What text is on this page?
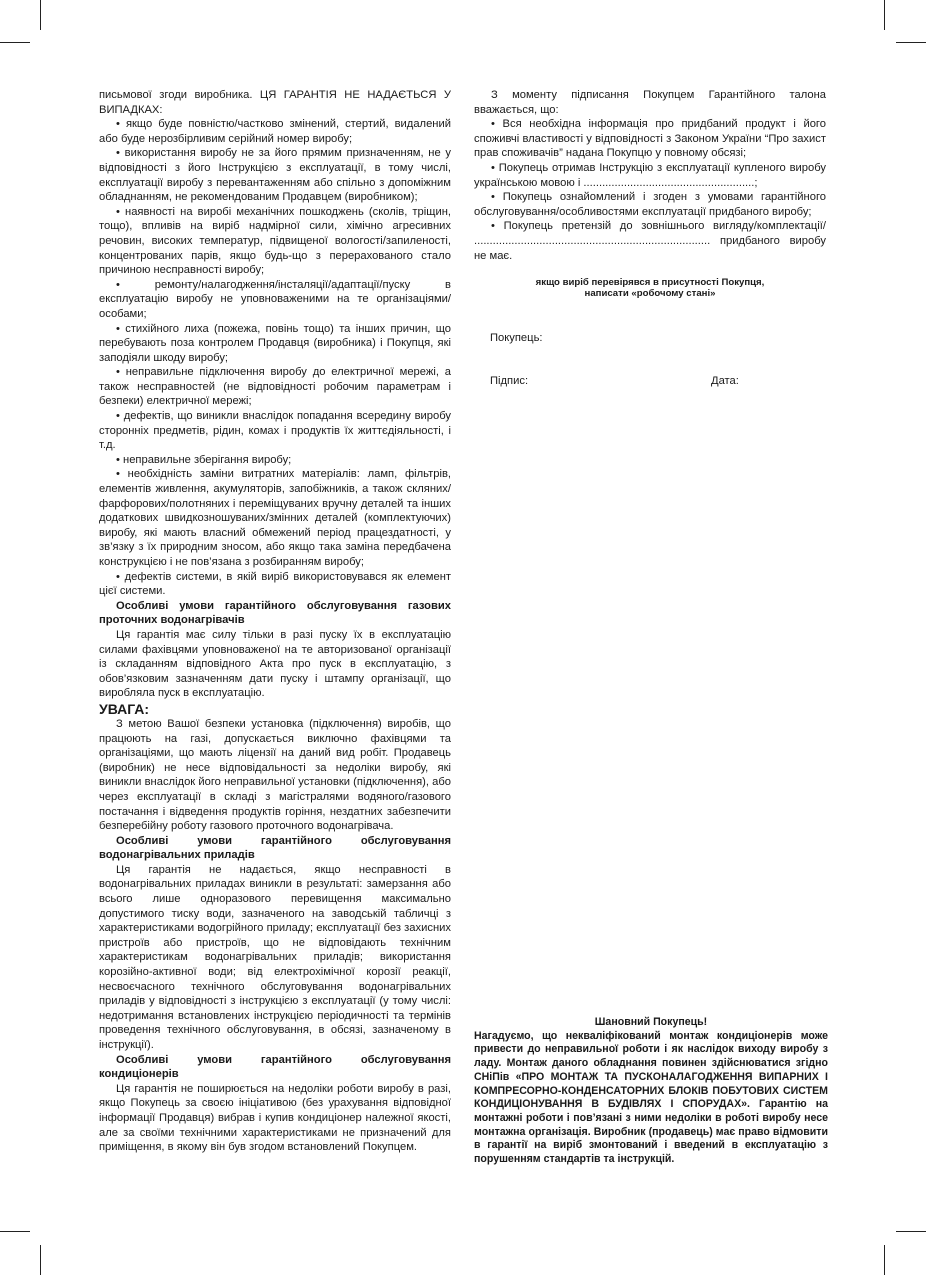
письмової згоди виробника. ЦЯ ГАРАНТІЯ НЕ НАДАЄТЬСЯ У ВИПАДКАХ:

• якщо буде повністю/частково змінений, стертий, видалений або буде нерозбірливим серійний номер виробу;

• використання виробу не за його прямим призначенням, не у відповідності з його Інструкцією з експлуатації, в тому числі, експлуатації виробу з перевантаженням або спільно з допоміжним обладнанням, не рекомендованим Продавцем (виробником);

• наявності на виробі механічних пошкоджень (сколів, тріщин, тощо), впливів на виріб надмірної сили, хімічно агресивних речовин, високих температур, підвищеної вологості/запиленості, концентрованих парів, якщо будь-що з перерахованого стало причиною несправності виробу;

• ремонту/налагодження/інсталяції/адаптації/пуску в експлуатацію виробу не уповноваженими на те організаціями/особами;

• стихійного лиха (пожежа, повінь тощо) та інших причин, що перебувають поза контролем Продавця (виробника) і Покупця, які заподіяли шкоду виробу;

• неправильне підключення виробу до електричної мережі, а також несправностей (не відповідності робочим параметрам і безпеки) електричної мережі;

• дефектів, що виникли внаслідок попадання всередину виробу сторонніх предметів, рідин, комах і продуктів їх життєдіяльності, і т.д.

• неправильне зберігання виробу;

• необхідність заміни витратних матеріалів: ламп, фільтрів, елементів живлення, акумуляторів, запобіжників, а також скляних/фарфорових/полотняних і переміщуваних вручну деталей та інших додаткових швидкозношуваних/змінних деталей (комплектуючих) виробу, які мають власний обмежений період працездатності, у зв’язку з їх природним зносом, або якщо така заміна передбачена конструкцією і не пов’язана з розбиранням виробу;

• дефектів системи, в якій виріб використовувався як елемент цієї системи.

Особливі умови гарантійного обслуговування газових проточних водонагрівачів

Ця гарантія має силу тільки в разі пуску їх в експлуатацію силами фахівцями уповноваженої на те авторизованої організації із складанням відповідного Акта про пуск в експлуатацію, з обов’язковим зазначенням дати пуску і штампу організації, що виробляла пуск в експлуатацію.

УВАГА:

З метою Вашої безпеки установка (підключення) виробів, що працюють на газі, допускається виключно фахівцями та організаціями, що мають ліцензії на даний вид робіт. Продавець (виробник) не несе відповідальності за недоліки виробу, які виникли внаслідок його неправильної установки (підключення), або через експлуатації в складі з магістралями водяного/газового постачання і відведення продуктів горіння, нездатних забезпечити безперебійну роботу газового проточного водонагрівача.

Особливі умови гарантійного обслуговування водонагрівальних приладів

Ця гарантія не надається, якщо несправності в водонагрівальних приладах виникли в результаті: замерзання або всього лише одноразового перевищення максимально допустимого тиску води, зазначеного на заводській табличці з характеристиками водогрійного приладу; експлуатації без захисних пристроїв або пристроїв, що не відповідають технічним характеристикам водонагрівальних приладів; використання корозійно-активної води; від електрохімічної корозії реакції, несвоєчасного технічного обслуговування водонагрівальних приладів у відповідності з інструкцією з експлуатації (у тому числі: недотримання встановлених інструкцією періодичності та термінів проведення технічного обслуговування, в обсязі, зазначеному в інструкції).

Особливі умови гарантійного обслуговування кондиціонерів

Ця гарантія не поширюється на недоліки роботи виробу в разі, якщо Покупець за своєю ініціативою (без урахування відповідної інформації Продавця) вибрав і купив кондиціонер належної якості, але за своїми технічними характеристиками не призначений для приміщення, в якому він був згодом встановлений Покупцем.

З моменту підписання Покупцем Гарантійного талона вважається, що:

• Вся необхідна інформація про придбаний продукт і його споживчі властивості у відповідності з Законом України “Про захист прав споживачів” надана Покупцю у повному обсязі;

• Покупець отримав Інструкцію з експлуатації купленого виробу українською мовою і .......................................................;

• Покупець ознайомлений і згоден з умовами гарантійного обслуговування/особливостями експлуатації придбаного виробу;

• Покупець претензій до зовнішнього вигляду/комплектації/ ............................................................................ придбаного виробу не має.

якщо виріб перевірявся в присутності Покупця,
написати «робочому стані»
Покупець:
Підпис:	Дата:

Шановний Покупець!

Нагадуємо, що некваліфікований монтаж кондиціонерів може привести до неправильної роботи і як наслідок виходу виробу з ладу. Монтаж даного обладнання повинен здійснюватися згідно СНіПів «ПРО МОНТАЖ ТА ПУСКОНАЛАГОДЖЕННЯ ВИПАРНИХ І КОМПРЕСОРНО-КОНДЕНСАТОРНИХ БЛОКІВ ПОБУТОВИХ СИСТЕМ КОНДИЦІОНУВАННЯ В БУДІВЛЯХ І СПОРУДАХ». Гарантію на монтажні роботи і пов’язані з ними недоліки в роботі виробу несе монтажна організація. Виробник (продавець) має право відмовити в гарантії на виріб змонтований і введений в експлуатацію з порушенням стандартів та інструкцій.
